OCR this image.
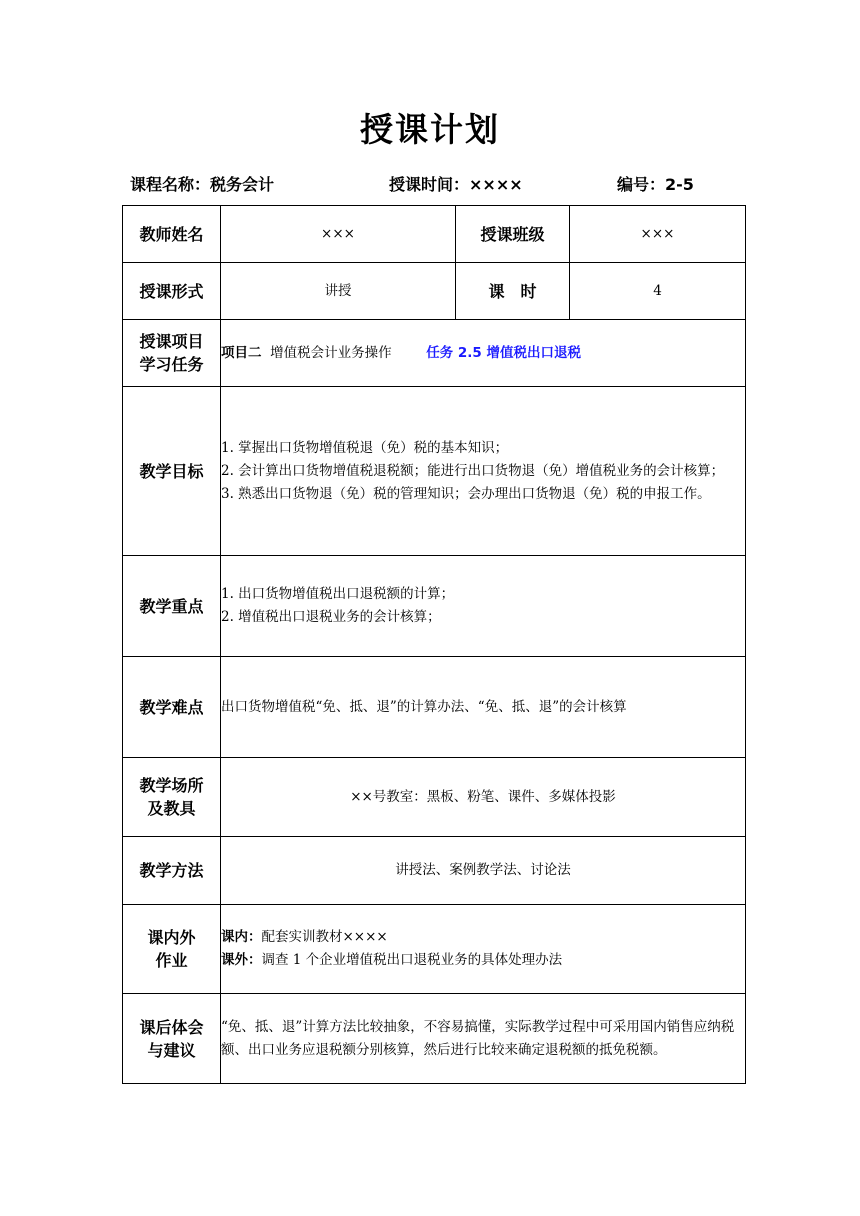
授课计划
课程名称：税务会计	授课时间：××××	编号：2-5
教师姓名	×××	授课班级	×××
授课形式	讲授	课　时	4

授课项目
学习任务	项目二 增值税会计业务操作 任务 2.5 增值税出口退税		
教学目标	1. 掌握出口货物增值税退（免）税的基本知识；
2. 会计算出口货物增值税退税额；能进行出口货物退（免）增值税业务的会计核算；
3. 熟悉出口货物退（免）税的管理知识；会办理出口货物退（免）税的申报工作。		

教学重点	1. 出口货物增值税出口退税额的计算；
2. 增值税出口退税业务的会计核算；		

教学难点	出口货物增值税“免、抵、退”的计算办法、“免、抵、退”的会计核算		

教学场所
及教具	××号教室：黑板、粉笔、课件、多媒体投影		
教学方法	讲授法、案例教学法、讨论法		

课内外
作业	课内：配套实训教材××××
课外：调查 1 个企业增值税出口退税业务的具体处理办法		

课后体会
与建议	“免、抵、退”计算方法比较抽象，不容易搞懂，实际教学过程中可采用国内销售应纳税额、出口业务应退税额分别核算，然后进行比较来确定退税额的抵免税额。		
